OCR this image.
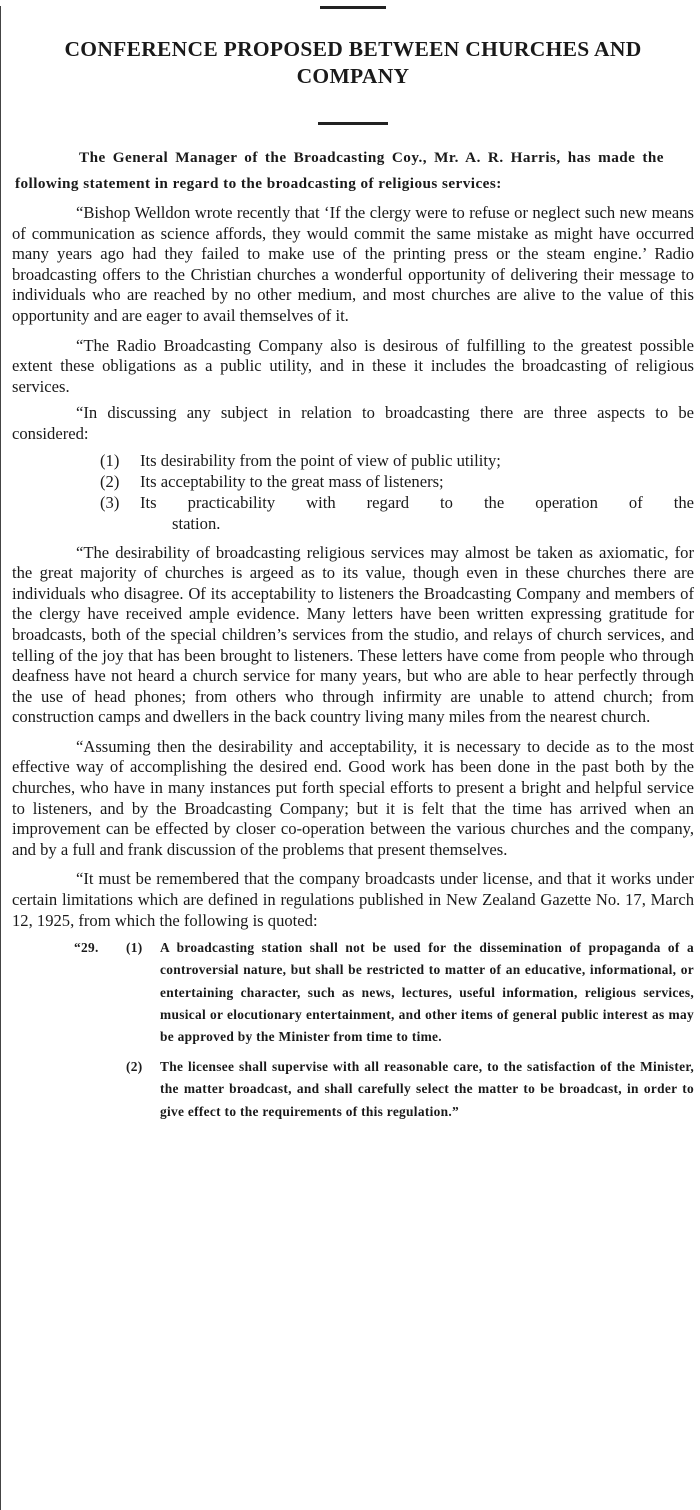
CONFERENCE PROPOSED BETWEEN CHURCHES AND COMPANY

The General Manager of the Broadcasting Coy., Mr. A. R. Harris, has made the following statement in regard to the broadcasting of religious services:

“Bishop Welldon wrote recently that ‘If the clergy were to refuse or neglect such new means of communication as science affords, they would commit the same mistake as might have occurred many years ago had they failed to make use of the printing press or the steam engine.’ Radio broadcasting offers to the Christian churches a wonderful opportunity of delivering their message to individuals who are reached by no other medium, and most churches are alive to the value of this opportunity and are eager to avail themselves of it.

“The Radio Broadcasting Company also is desirous of fulfilling to the greatest possible extent these obligations as a public utility, and in these it includes the broadcasting of religious services.

“In discussing any subject in relation to broadcasting there are three aspects to be considered:

(1)	Its desirability from the point of view of public utility;
(2)	Its acceptability to the great mass of listeners;
(3)	Its practicability with regard to the operation of the
station.

“The desirability of broadcasting religious services may almost be taken as axiomatic, for the great majority of churches is argeed as to its value, though even in these churches there are individuals who disagree. Of its acceptability to listeners the Broadcasting Company and members of the clergy have received ample evidence. Many letters have been written expressing gratitude for broadcasts, both of the special children’s services from the studio, and relays of church services, and telling of the joy that has been brought to listeners. These letters have come from people who through deafness have not heard a church service for many years, but who are able to hear perfectly through the use of head phones; from others who through infirmity are unable to attend church; from construction camps and dwellers in the back country living many miles from the nearest church.

“Assuming then the desirability and acceptability, it is necessary to decide as to the most effective way of accomplishing the desired end. Good work has been done in the past both by the churches, who have in many instances put forth special efforts to present a bright and helpful service to listeners, and by the Broadcasting Company; but it is felt that the time has arrived when an improvement can be effected by closer co-operation between the various churches and the company, and by a full and frank discussion of the problems that present themselves.

“It must be remembered that the company broadcasts under license, and that it works under certain limitations which are defined in regulations published in New Zealand Gazette No. 17, March 12, 1925, from which the following is quoted:

“29.	(1)	A broadcasting station shall not be used for the dissemination of propaganda of a controversial nature, but shall be restricted to matter of an educative, informational, or entertaining character, such as news, lectures, useful information, religious services, musical or elocutionary entertainment, and other items of general public interest as may be approved by the Minister from time to time.
(2)	The licensee shall supervise with all reasonable care, to the satisfaction of the Minister, the matter broadcast, and shall carefully select the matter to be broadcast, in order to give effect to the requirements of this regulation.”
